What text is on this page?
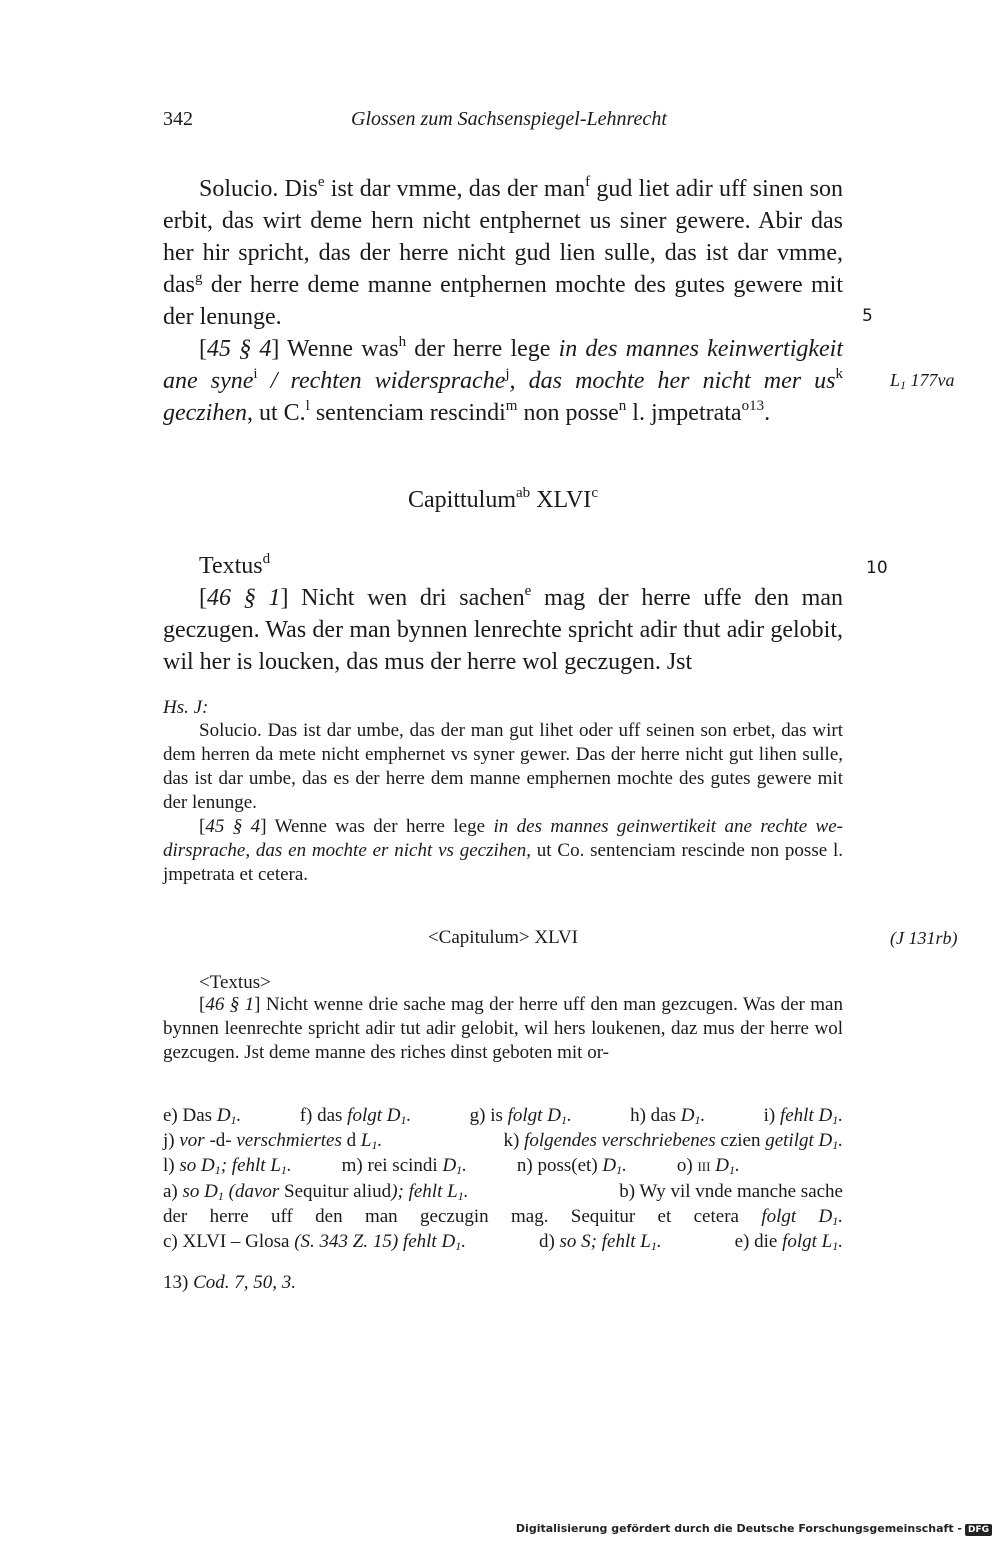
342	Glossen zum Sachsenspiegel-Lehnrecht

Solucio. Dis$^e$ ist dar vmme, das der man$^f$ gud liet adir uff sinen son erbit, das wirt deme hern nicht entphernet us siner gewere. Abir das her hir spricht, das der herre nicht gud lien sulle, das ist dar vmme, das$^g$ der herre deme manne entphernen mochte des gutes gewere mit der lenunge.

[45 § 4] Wenne was$^h$ der herre lege in des mannes keinwertigkeit ane syne$^i$ / rechten widersprache$^j$, das mochte her nicht mer $us^k$ geczihen, ut C.$^l$ sentenciam rescindi$^m$ non posse$^n$ l. jmpetrata$^{o13}$.

5
$L_1$ 177va
Capittulum$^{ab}$ XLVI$^c$
Textus$^d$	10

[46 § 1] Nicht wen dri sachen$^e$ mag der herre uffe den man geczugen. Was der man bynnen lenrechte spricht adir thut adir gelobit, wil her is loucken, das mus der herre wol geczugen. Jst

Hs. J:

Solucio. Das ist dar umbe, das der man gut lihet oder uff seinen son erbet, das wirt dem herren da mete nicht emphernet vs syner gewer. Das der herre nicht gut lihen sulle, das ist dar umbe, das es der herre dem manne emphernen mochte des gutes gewere mit der lenunge.

[45 § 4] Wenne was der herre lege in des mannes geinwertikeit ane rechte wedirsprache, das en mochte er nicht vs geczihen, ut Co. sentenciam rescinde non posse l. jmpetrata et cetera.

<Capitulum> XLVI	(J 131rb)
<Textus>

[46 § 1] Nicht wenne drie sache mag der herre uff den man gezcugen. Was der man bynnen leenrechte spricht adir tut adir gelobit, wil hers loukenen, daz mus der herre wol gezcugen. Jst deme manne des riches dinst geboten mit or-

e) Das $D_1$.	f) das folgt $D_1$.	g) is folgt $D_1$.	h) das $D_1$.	i) fehlt $D_1$.
j) vor -d- verschmiertes d $L_1$.	k) folgendes verschriebenes czien getilgt $D_1$.
l) so $D_1$; fehlt $L_1$.	m) rei scindi $D_1$.	n) poss(et) $D_1$.	o) III $D_1$.
a) so $D_1$ (davor Sequitur aliud); fehlt $L_1$.	b) Wy vil vnde manche sache
der herre uff den man geczugin mag. Sequitur et cetera folgt $D_1$.
c) XLVI – Glosa (S. 343 Z. 15) fehlt $D_1$.	d) so S; fehlt $L_1$.	e) die folgt $L_1$.
13) Cod. 7, 50, 3.
Digitalisierung gefördert durch die Deutsche Forschungsgemeinschaft - DFG
